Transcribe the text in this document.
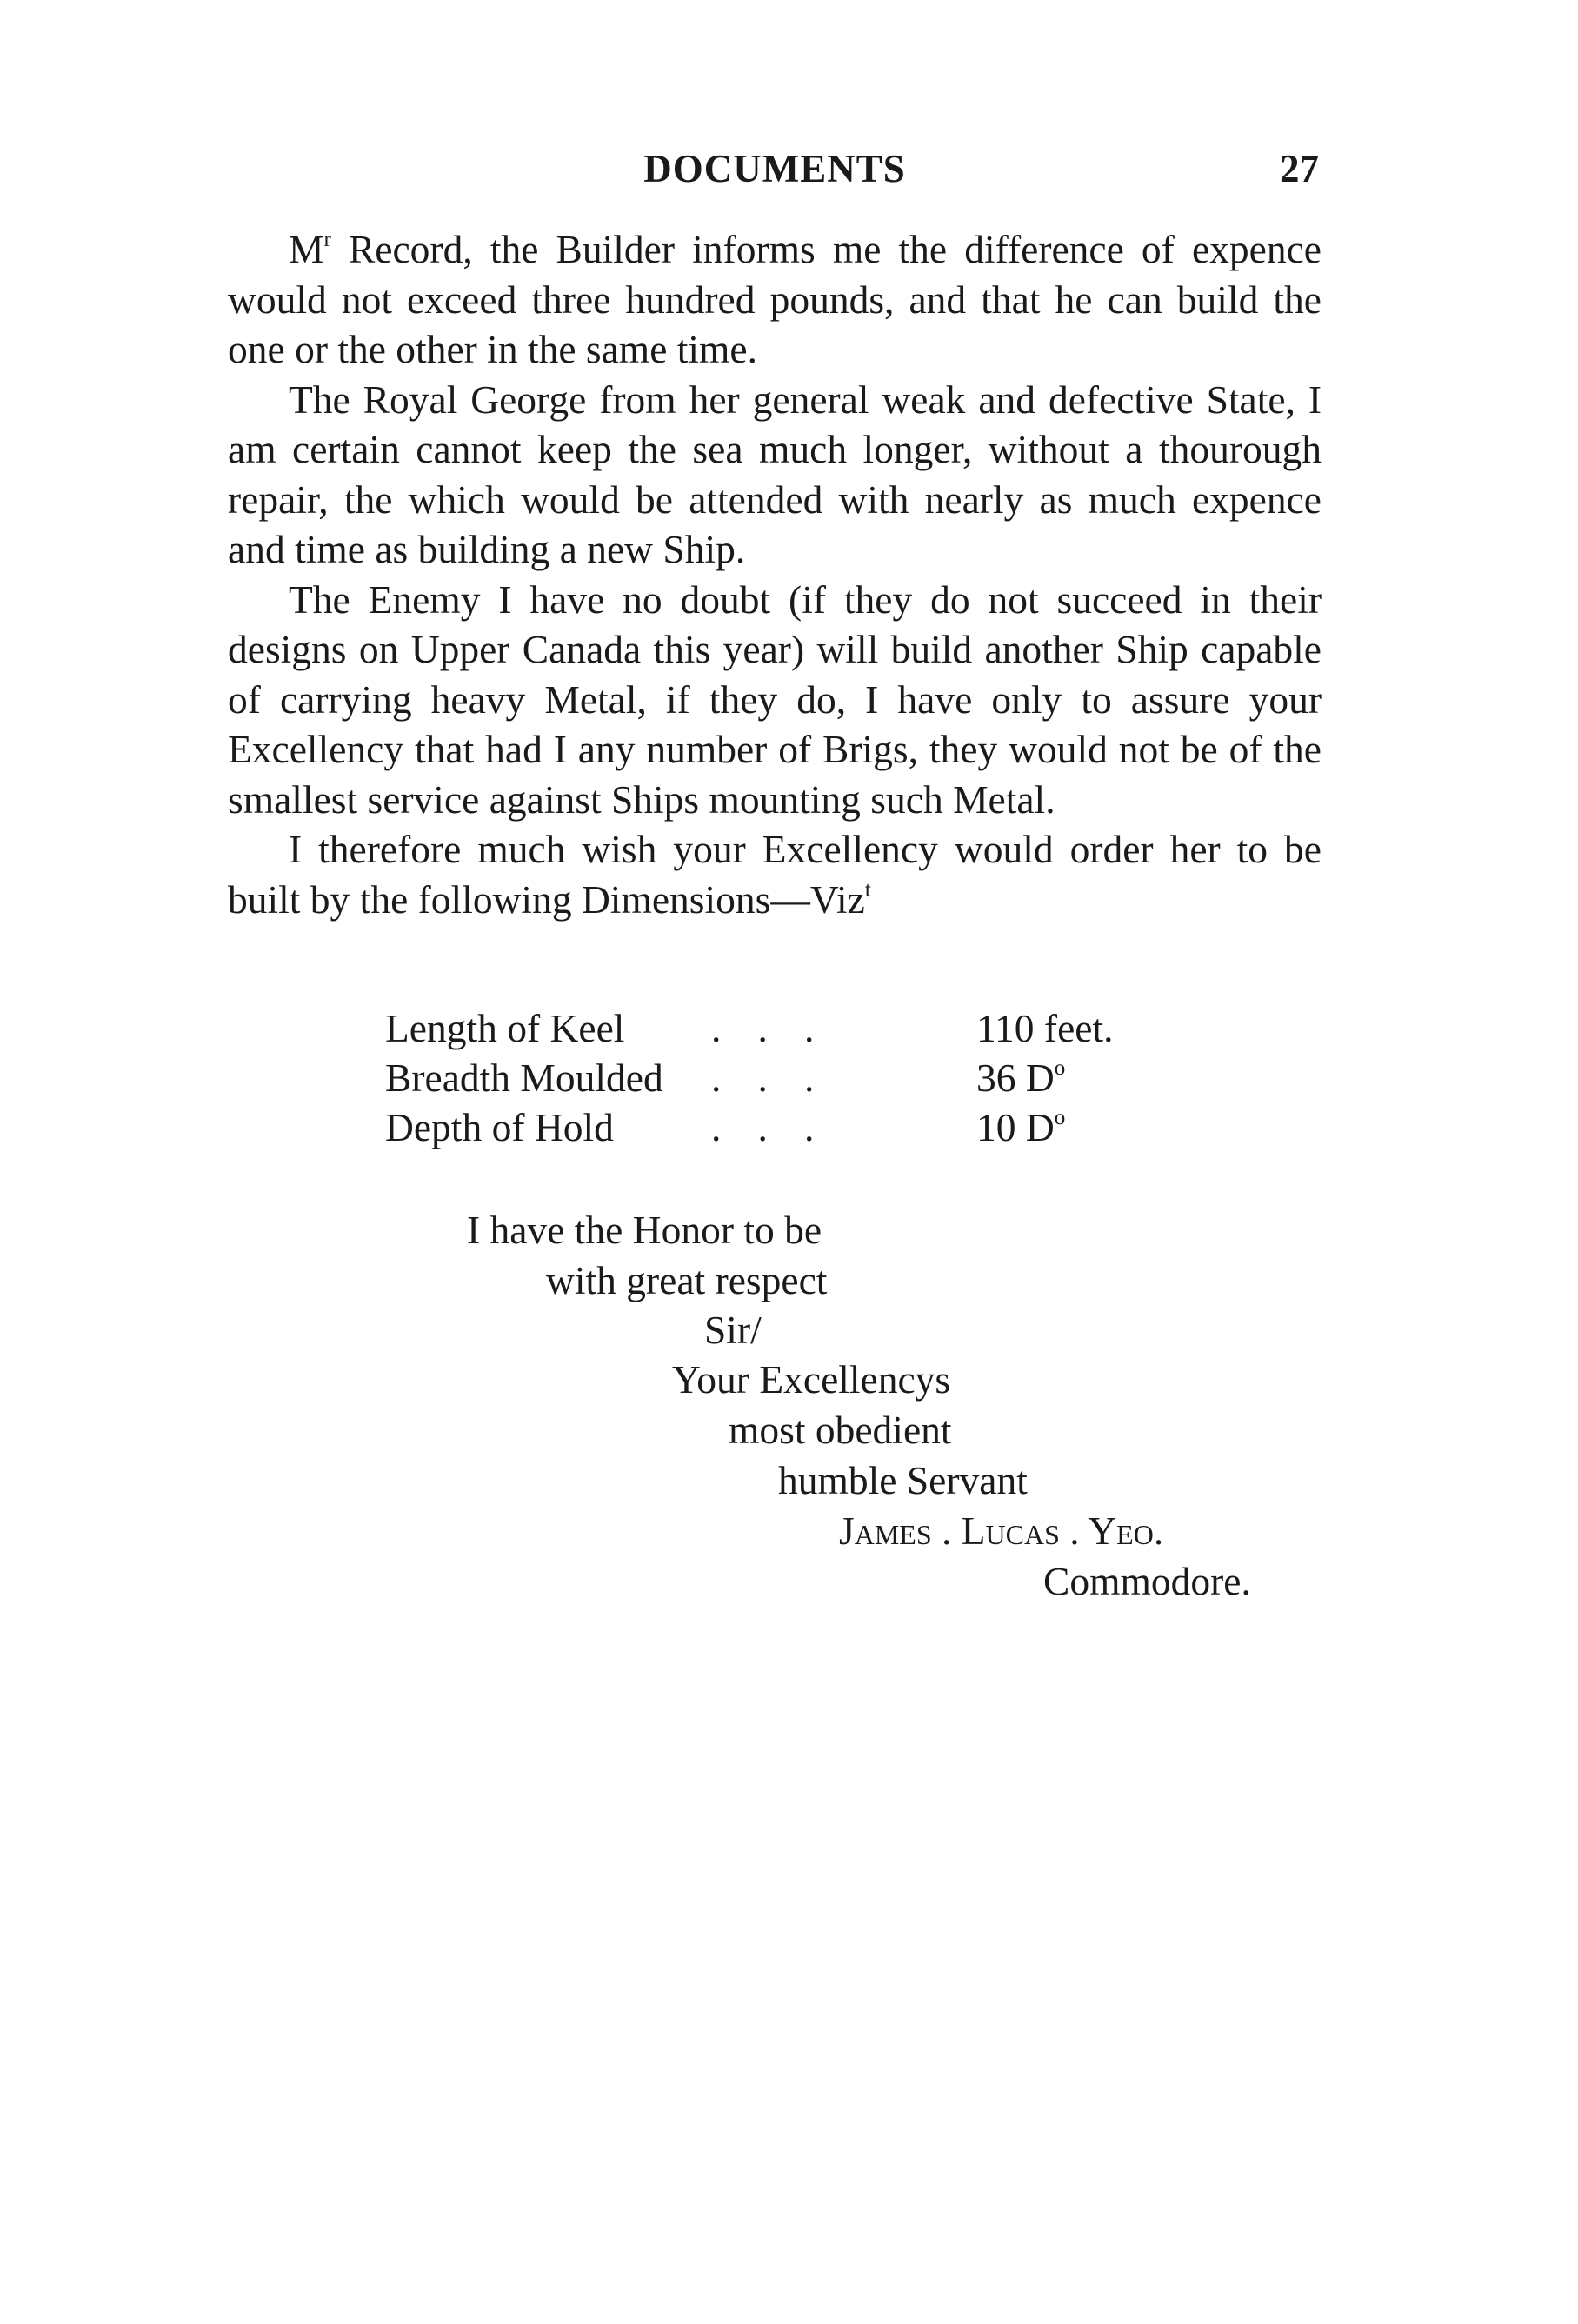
DOCUMENTS	27

$M^r$ Record, the Builder informs me the difference of expence would not exceed three hundred pounds, and that he can build the one or the other in the same time.

The Royal George from her general weak and defective State, I am certain cannot keep the sea much longer, without a thourough repair, the which would be attended with nearly as much expence and time as building a new Ship.

The Enemy I have no doubt (if they do not succeed in their designs on Upper Canada this year) will build another Ship capable of carrying heavy Metal, if they do, I have only to assure your Excellency that had I any number of Brigs, they would not be of the smallest service against Ships mounting such Metal.

I therefore much wish your Excellency would order her to be built by the following Dimensions—Viz$^t$

Length of Keel .   .   .	110 feet.
Breadth Moulded .   .   .	36 $D^o$
Depth of Hold .   .   .	10 $D^o$
I have the Honor to be
with great respect
Sir/
Your Excellencys
most obedient
humble Servant
James . Lucas . Yeo.
Commodore.
